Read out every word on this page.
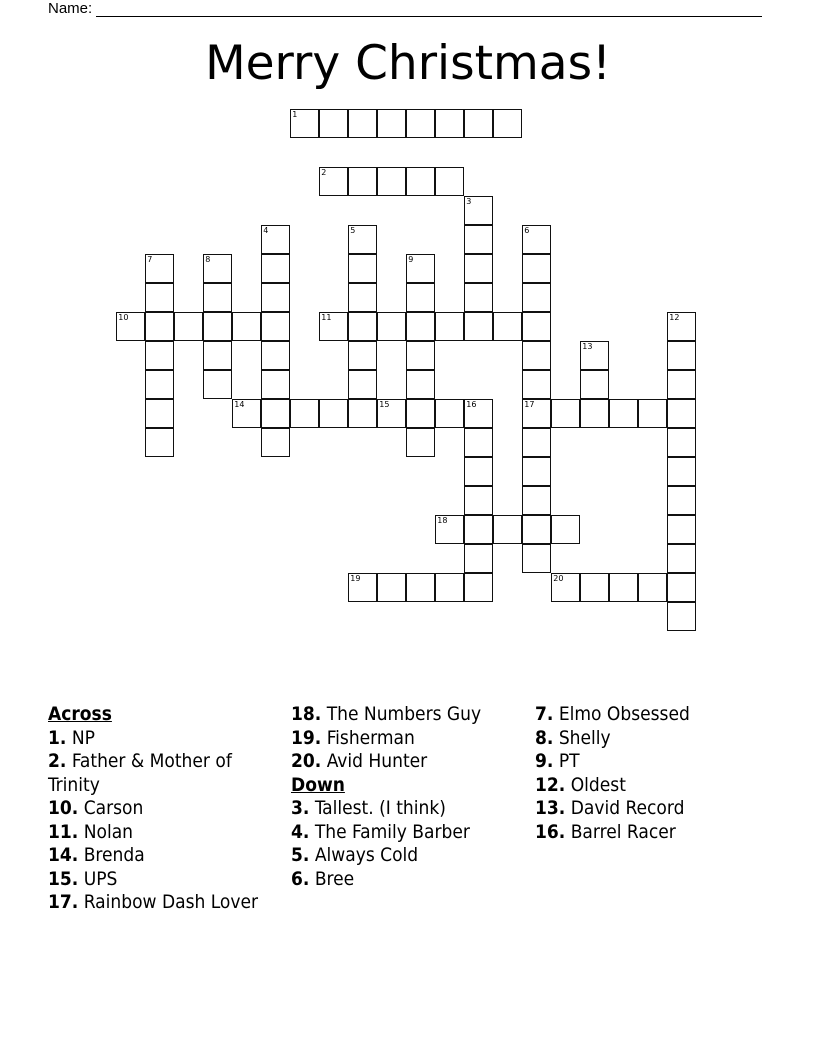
Name:
Merry Christmas!
1
2
3
4	5	6
17
7	8	9
10	11	12
13
14	15	16
18
19	20
Across
1. NP
2. Father & Mother of Trinity
10. Carson
11. Nolan
14. Brenda
15. UPS
17. Rainbow Dash Lover
18. The Numbers Guy
19. Fisherman
20. Avid Hunter
Down
3. Tallest. (I think)
4. The Family Barber
5. Always Cold
6. Bree
7. Elmo Obsessed
8. Shelly
9. PT
12. Oldest
13. David Record
16. Barrel Racer
